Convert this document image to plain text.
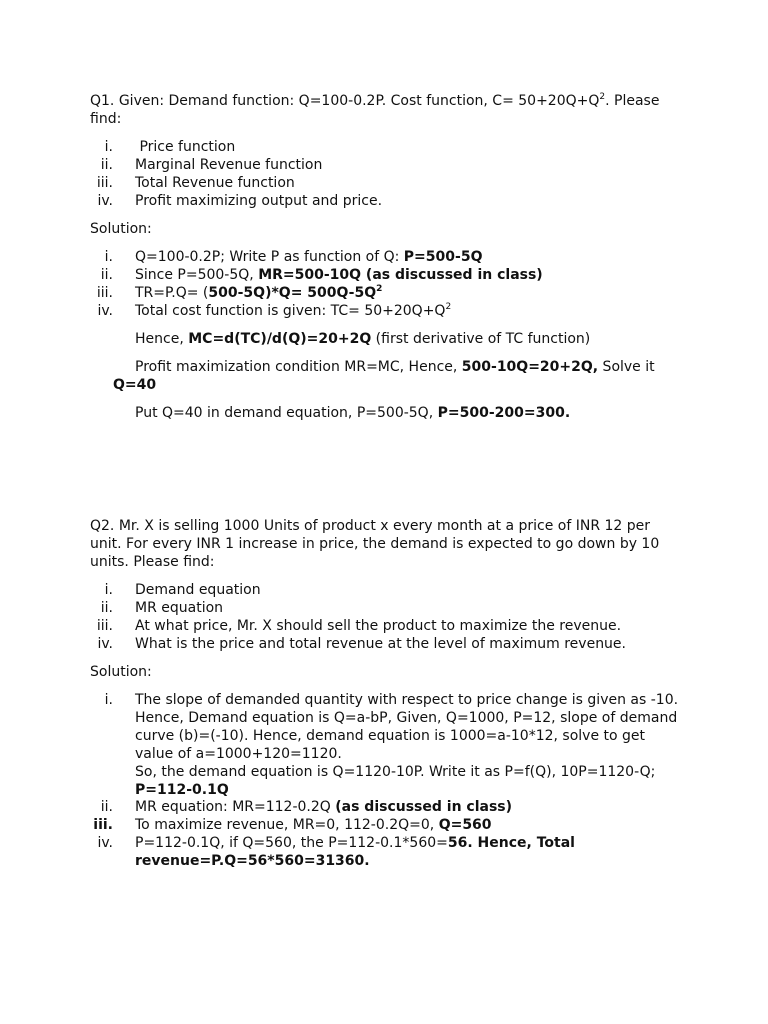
Q1. Given: Demand function: Q=100-0.2P. Cost function, $C= 50+20Q+Q^2$. Please find:

i. Price function
ii. Marginal Revenue function
iii. Total Revenue function
iv. Profit maximizing output and price.

Solution:

i. Q=100-0.2P; Write P as function of Q: P=500-5Q
ii. Since P=500-5Q, MR=500-10Q (as discussed in class)
iii. $TR=P.Q= (500-5Q)*Q= 500Q-5Q^2$
iv. Total cost function is given: $TC= 50+20Q+Q^2$

Hence, MC=d(TC)/d(Q)=20+2Q (first derivative of TC function)

Profit maximization condition MR=MC, Hence, 500-10Q=20+2Q, Solve it

Q=40

Put Q=40 in demand equation, P=500-5Q, P=500-200=300.

Q2. Mr. X is selling 1000 Units of product x every month at a price of INR 12 per unit. For every INR 1 increase in price, the demand is expected to go down by 10 units. Please find:

i. Demand equation
ii. MR equation
iii. At what price, Mr. X should sell the product to maximize the revenue.
iv. What is the price and total revenue at the level of maximum revenue.

Solution:

i. The slope of demanded quantity with respect to price change is given as -10.
Hence, Demand equation is Q=a-bP, Given, Q=1000, P=12, slope of demand
curve (b)=(-10). Hence, demand equation is 1000=a-10*12, solve to get
value of a=1000+120=1120.
So, the demand equation is Q=1120-10P. Write it as P=f(Q), 10P=1120-Q;
P=112-0.1Q
ii. MR equation: MR=112-0.2Q (as discussed in class)
iii. To maximize revenue, MR=0, 112-0.2Q=0, Q=560
iv. P=112-0.1Q, if Q=560, the P=112-0.1*560=56. Hence, Total
revenue=P.Q=56*560=31360.
